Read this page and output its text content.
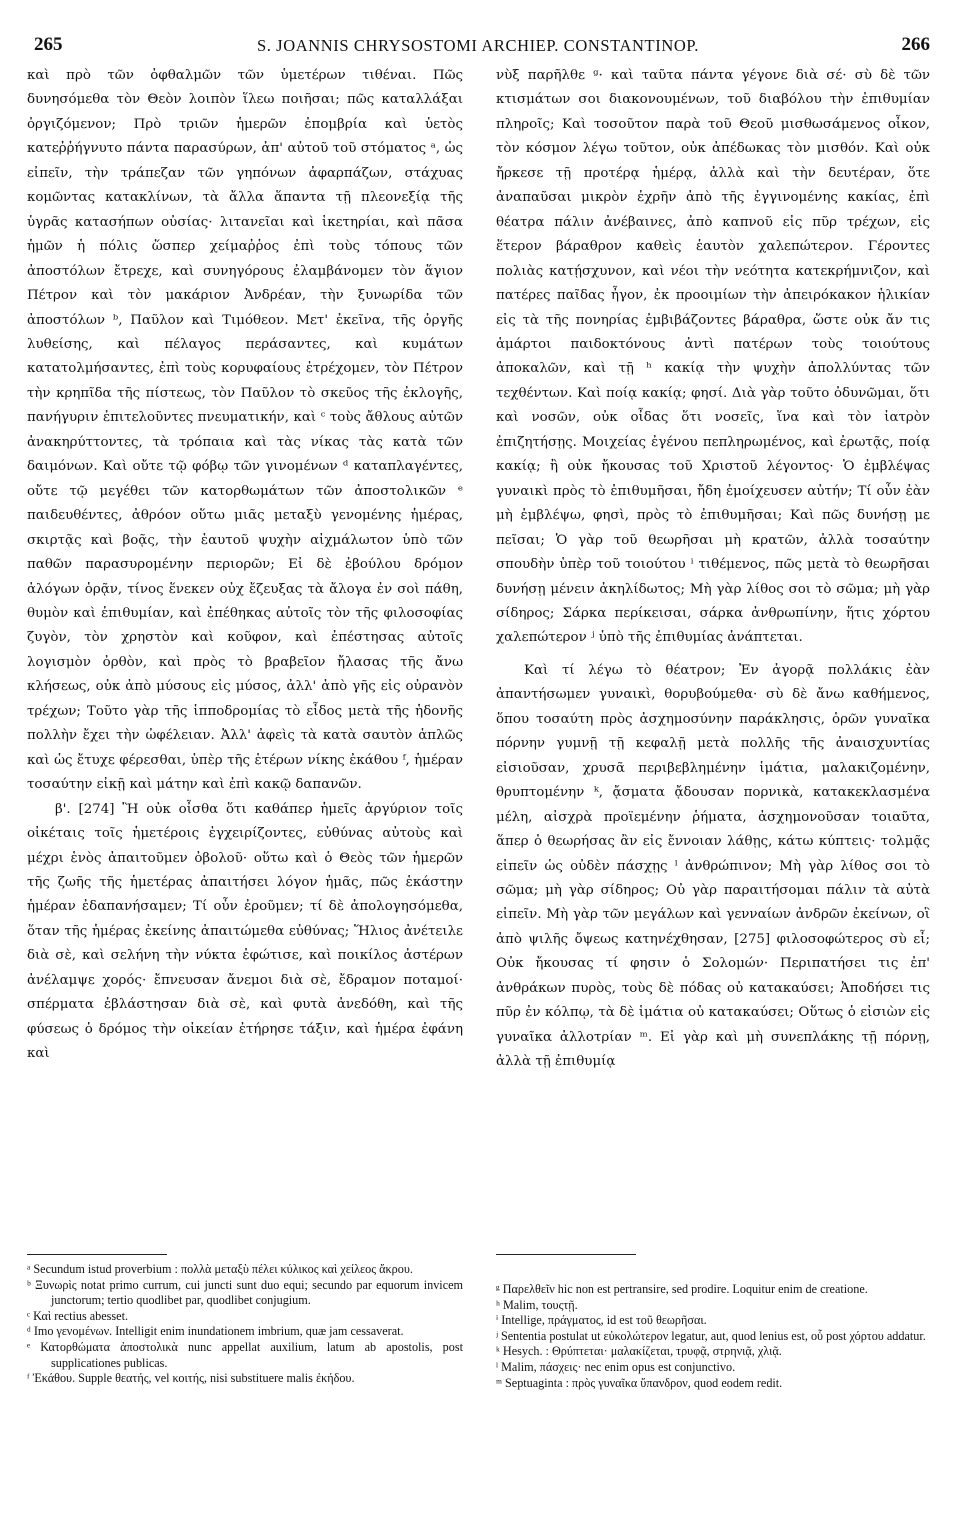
265	S. JOANNIS CHRYSOSTOMI ARCHIEP. CONSTANTINOP.	266

καὶ πρὸ τῶν ὀφθαλμῶν τῶν ὑμετέρων τιθέναι. Πῶς δυνησόμεθα τὸν Θεὸν λοιπὸν ἵλεω ποιῆσαι; πῶς καταλλάξαι ὀργιζόμενον; Πρὸ τριῶν ἡμερῶν ἐπομβρία καὶ ὑετὸς κατεῤῥήγνυτο πάντα παρασύρων, ἀπ' αὐτοῦ τοῦ στόματος ᵃ, ὡς εἰπεῖν, τὴν τράπεζαν τῶν γηπόνων ἀφαρπάζων, στάχυας κομῶντας κατακλίνων, τὰ ἄλλα ἅπαντα τῇ πλεονεξίᾳ τῆς ὑγρᾶς κατασήπων οὐσίας· λιτανεῖαι καὶ ἱκετηρίαι, καὶ πᾶσα ἡμῶν ἡ πόλις ὥσπερ χείμαῤῥος ἐπὶ τοὺς τόπους τῶν ἀποστόλων ἔτρεχε, καὶ συνηγόρους ἐλαμβάνομεν τὸν ἅγιον Πέτρον καὶ τὸν μακάριον Ἀνδρέαν, τὴν ξυνωρίδα τῶν ἀποστόλων ᵇ, Παῦλον καὶ Τιμόθεον. Μετ' ἐκεῖνα, τῆς ὀργῆς λυθείσης, καὶ πέλαγος περάσαντες, καὶ κυμάτων κατατολμήσαντες, ἐπὶ τοὺς κορυφαίους ἐτρέχομεν, τὸν Πέτρον τὴν κρηπῖδα τῆς πίστεως, τὸν Παῦλον τὸ σκεῦος τῆς ἐκλογῆς, πανήγυριν ἐπιτελοῦντες πνευματικήν, καὶ ᶜ τοὺς ἄθλους αὐτῶν ἀνακηρύττοντες, τὰ τρόπαια καὶ τὰς νίκας τὰς κατὰ τῶν δαιμόνων. Καὶ οὔτε τῷ φόβῳ τῶν γινομένων ᵈ καταπλαγέντες, οὔτε τῷ μεγέθει τῶν κατορθωμάτων τῶν ἀποστολικῶν ᵉ παιδευθέντες, ἀθρόον οὕτω μιᾶς μεταξὺ γενομένης ἡμέρας, σκιρτᾷς καὶ βοᾷς, τὴν ἑαυτοῦ ψυχὴν αἰχμάλωτον ὑπὸ τῶν παθῶν παρασυρομένην περιορῶν; Εἰ δὲ ἐβούλου δρόμον ἀλόγων ὁρᾷν, τίνος ἕνεκεν οὐχ ἔζευξας τὰ ἄλογα ἐν σοὶ πάθη, θυμὸν καὶ ἐπιθυμίαν, καὶ ἐπέθηκας αὐτοῖς τὸν τῆς φιλοσοφίας ζυγὸν, τὸν χρηστὸν καὶ κοῦφον, καὶ ἐπέστησας αὐτοῖς λογισμὸν ὀρθὸν, καὶ πρὸς τὸ βραβεῖον ἤλασας τῆς ἄνω κλήσεως, οὐκ ἀπὸ μύσους εἰς μύσος, ἀλλ' ἀπὸ γῆς εἰς οὐρανὸν τρέχων; Τοῦτο γὰρ τῆς ἱπποδρομίας τὸ εἶδος μετὰ τῆς ἡδονῆς πολλὴν ἔχει τὴν ὠφέλειαν. Ἀλλ' ἀφεὶς τὰ κατὰ σαυτὸν ἁπλῶς καὶ ὡς ἔτυχε φέρεσθαι, ὑπὲρ τῆς ἑτέρων νίκης ἐκάθου ᶠ, ἡμέραν τοσαύτην εἰκῇ καὶ μάτην καὶ ἐπὶ κακῷ δαπανῶν.

β'. [274] Ἢ οὐκ οἶσθα ὅτι καθάπερ ἡμεῖς ἀργύριον τοῖς οἰκέταις τοῖς ἡμετέροις ἐγχειρίζοντες, εὐθύνας αὐτοὺς καὶ μέχρι ἑνὸς ἀπαιτοῦμεν ὀβολοῦ· οὕτω καὶ ὁ Θεὸς τῶν ἡμερῶν τῆς ζωῆς τῆς ἡμετέρας ἀπαιτήσει λόγον ἡμᾶς, πῶς ἑκάστην ἡμέραν ἐδαπανήσαμεν; Τί οὖν ἐροῦμεν; τί δὲ ἀπολογησόμεθα, ὅταν τῆς ἡμέρας ἐκείνης ἀπαιτώμεθα εὐθύνας; Ἥλιος ἀνέτειλε διὰ σὲ, καὶ σελήνη τὴν νύκτα ἐφώτισε, καὶ ποικίλος ἀστέρων ἀνέλαμψε χορός· ἔπνευσαν ἄνεμοι διὰ σὲ, ἔδραμον ποταμοί· σπέρματα ἐβλάστησαν διὰ σὲ, καὶ φυτὰ ἀνεδόθη, καὶ τῆς φύσεως ὁ δρόμος τὴν οἰκείαν ἐτήρησε τάξιν, καὶ ἡμέρα ἐφάνη καὶ

νὺξ παρῆλθε ᵍ· καὶ ταῦτα πάντα γέγονε διὰ σέ· σὺ δὲ τῶν κτισμάτων σοι διακονουμένων, τοῦ διαβόλου τὴν ἐπιθυμίαν πληροῖς; Καὶ τοσοῦτον παρὰ τοῦ Θεοῦ μισθωσάμενος οἶκον, τὸν κόσμον λέγω τοῦτον, οὐκ ἀπέδωκας τὸν μισθόν. Καὶ οὐκ ἤρκεσε τῇ προτέρᾳ ἡμέρᾳ, ἀλλὰ καὶ τὴν δευτέραν, ὅτε ἀναπαῦσαι μικρὸν ἐχρῆν ἀπὸ τῆς ἐγγινομένης κακίας, ἐπὶ θέατρα πάλιν ἀνέβαινες, ἀπὸ καπνοῦ εἰς πῦρ τρέχων, εἰς ἕτερον βάραθρον καθεὶς ἑαυτὸν χαλεπώτερον. Γέροντες πολιὰς κατῄσχυνον, καὶ νέοι τὴν νεότητα κατεκρήμνιζον, καὶ πατέρες παῖδας ἦγον, ἐκ προοιμίων τὴν ἀπειρόκακον ἡλικίαν εἰς τὰ τῆς πονηρίας ἐμβιβάζοντες βάραθρα, ὥστε οὐκ ἄν τις ἁμάρτοι παιδοκτόνους ἀντὶ πατέρων τοὺς τοιούτους ἀποκαλῶν, καὶ τῇ ʰ κακίᾳ τὴν ψυχὴν ἀπολλύντας τῶν τεχθέντων. Καὶ ποίᾳ κακίᾳ; φησί. Διὰ γὰρ τοῦτο ὀδυνῶμαι, ὅτι καὶ νοσῶν, οὐκ οἶδας ὅτι νοσεῖς, ἵνα καὶ τὸν ἰατρὸν ἐπιζητήσῃς. Μοιχείας ἐγένου πεπληρωμένος, καὶ ἐρωτᾷς, ποίᾳ κακίᾳ; ἢ οὐκ ἤκουσας τοῦ Χριστοῦ λέγοντος· Ὁ ἐμβλέψας γυναικὶ πρὸς τὸ ἐπιθυμῆσαι, ἤδη ἐμοίχευσεν αὐτήν; Τί οὖν ἐὰν μὴ ἐμβλέψω, φησὶ, πρὸς τὸ ἐπιθυμῆσαι; Καὶ πῶς δυνήσῃ με πεῖσαι; Ὁ γὰρ τοῦ θεωρῆσαι μὴ κρατῶν, ἀλλὰ τοσαύτην σπουδὴν ὑπὲρ τοῦ τοιούτου ⁱ τιθέμενος, πῶς μετὰ τὸ θεωρῆσαι δυνήσῃ μένειν ἀκηλίδωτος; Μὴ γὰρ λίθος σοι τὸ σῶμα; μὴ γὰρ σίδηρος; Σάρκα περίκεισαι, σάρκα ἀνθρωπίνην, ἥτις χόρτου χαλεπώτερον ʲ ὑπὸ τῆς ἐπιθυμίας ἀνάπτεται.

Καὶ τί λέγω τὸ θέατρον; Ἐν ἀγορᾷ πολλάκις ἐὰν ἀπαντήσωμεν γυναικὶ, θορυβούμεθα· σὺ δὲ ἄνω καθήμενος, ὅπου τοσαύτη πρὸς ἀσχημοσύνην παράκλησις, ὁρῶν γυναῖκα πόρνην γυμνῇ τῇ κεφαλῇ μετὰ πολλῆς τῆς ἀναισχυντίας εἰσιοῦσαν, χρυσᾶ περιβεβλημένην ἱμάτια, μαλακιζομένην, θρυπτομένην ᵏ, ᾄσματα ᾄδουσαν πορνικὰ, κατακεκλασμένα μέλη, αἰσχρὰ προϊεμένην ῥήματα, ἀσχημονοῦσαν τοιαῦτα, ἅπερ ὁ θεωρήσας ἂν εἰς ἔννοιαν λάθῃς, κάτω κύπτεις· τολμᾷς εἰπεῖν ὡς οὐδὲν πάσχῃς ˡ ἀνθρώπινον; Μὴ γὰρ λίθος σοι τὸ σῶμα; μὴ γὰρ σίδηρος; Οὐ γὰρ παραιτήσομαι πάλιν τὰ αὐτὰ εἰπεῖν. Μὴ γὰρ τῶν μεγάλων καὶ γενναίων ἀνδρῶν ἐκείνων, οἳ ἀπὸ ψιλῆς ὄψεως κατηνέχθησαν, [275] φιλοσοφώτερος σὺ εἶ; Οὐκ ἤκουσας τί φησιν ὁ Σολομών· Περιπατήσει τις ἐπ' ἀνθράκων πυρὸς, τοὺς δὲ πόδας οὐ κατακαύσει; Ἀποδήσει τις πῦρ ἐν κόλπῳ, τὰ δὲ ἱμάτια οὐ κατακαύσει; Οὕτως ὁ εἰσιὼν εἰς γυναῖκα ἀλλοτρίαν ᵐ. Εἰ γὰρ καὶ μὴ συνεπλάκης τῇ πόρνῃ, ἀλλὰ τῇ ἐπιθυμίᾳ

ᵃ Secundum istud proverbium : πολλὰ μεταξὺ πέλει κύλικος καὶ χείλεος ἄκρου.

ᵇ Ξυνωρὶς notat primo currum, cui juncti sunt duo equi; secundo par equorum invicem junctorum; tertio quodlibet par, quodlibet conjugium.

ᶜ Καὶ rectius abesset.

ᵈ Imo γενομένων. Intelligit enim inundationem imbrium, quæ jam cessaverat.

ᵉ Κατορθώματα ἀποστολικὰ nunc appellat auxilium, latum ab apostolis, post supplicationes publicas.

ᶠ Ἐκάθου. Supple θεατής, vel κοιτής, nisi substituere malis ἐκήδου.

ᵍ Παρελθεῖν hic non est pertransire, sed prodire. Loquitur enim de creatione.

ʰ Malim, τουςτῇ.

ⁱ Intellige, πράγματος, id est τοῦ θεωρῆσαι.

ʲ Sententia postulat ut εὐκολώτερον legatur, aut, quod lenius est, οὗ post χόρτου addatur.

ᵏ Hesych. : Θρύπτεται· μαλακίζεται, τρυφᾷ, στρηνιᾷ, χλιᾷ.

ˡ Malim, πάσχεις· nec enim opus est conjunctivo.

ᵐ Septuaginta : πρὸς γυναῖκα ὕπανδρον, quod eodem redit.
